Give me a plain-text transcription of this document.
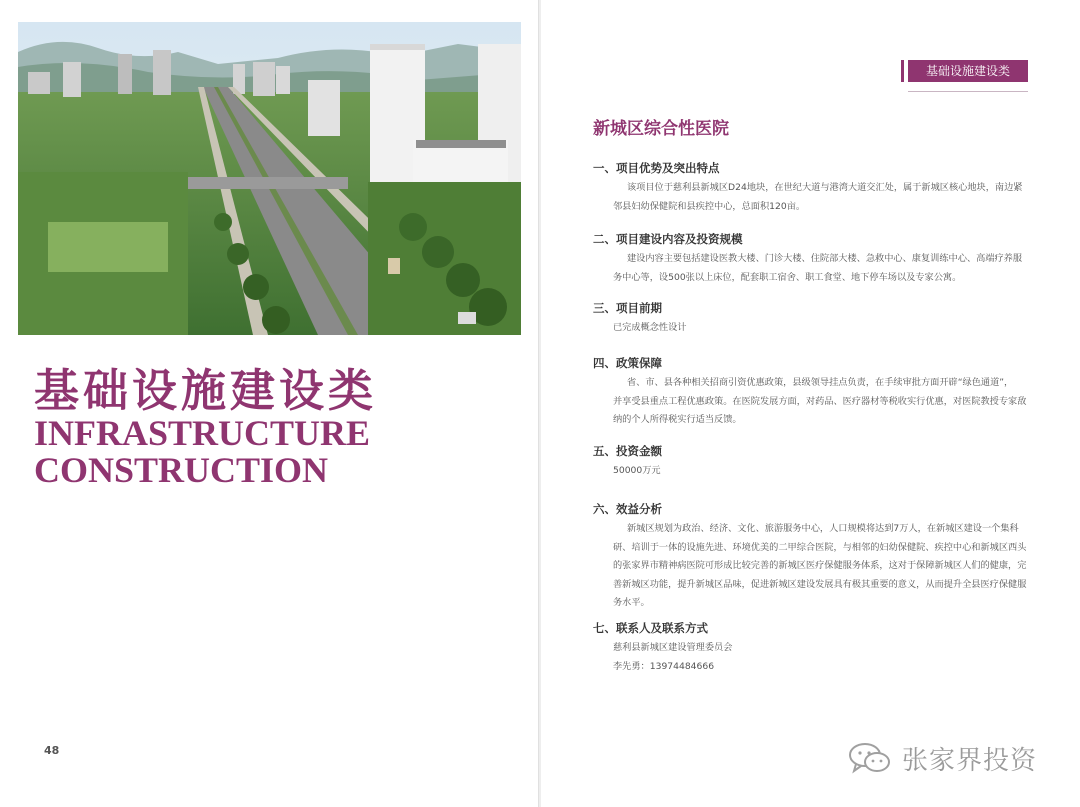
基础设施建设类
INFRASTRUCTURE
CONSTRUCTION
48
基础设施建设类
新城区综合性医院
一、项目优势及突出特点
该项目位于慈利县新城区D24地块，在世纪大道与港湾大道交汇处，属于新城区核心地块，南边紧
邻县妇幼保健院和县疾控中心，总面积120亩。
二、项目建设内容及投资规模
建设内容主要包括建设医教大楼、门诊大楼、住院部大楼、急救中心、康复训练中心、高端疗养服
务中心等，设500张以上床位，配套职工宿舍、职工食堂、地下停车场以及专家公寓。
三、项目前期
已完成概念性设计
四、政策保障
省、市、县各种相关招商引资优惠政策，县级领导挂点负责，在手续审批方面开辟“绿色通道”，
并享受县重点工程优惠政策。在医院发展方面，对药品、医疗器材等税收实行优惠，对医院教授专家敌
纳的个人所得税实行适当反馈。
五、投资金额
50000万元
六、效益分析
新城区规划为政治、经济、文化、旅游服务中心，人口规模将达到7万人，在新城区建设一个集科
研、培训于一体的设施先进、环境优美的二甲综合医院，与相邻的妇幼保健院、疾控中心和新城区西头
的张家界市精神病医院可形成比较完善的新城区医疗保健服务体系，这对于保障新城区人们的健康，完
善新城区功能，提升新城区品味，促进新城区建设发展具有极其重要的意义，从而提升全县医疗保健服
务水平。
七、联系人及联系方式
慈利县新城区建设管理委员会
李先勇：13974484666
张家界投资
